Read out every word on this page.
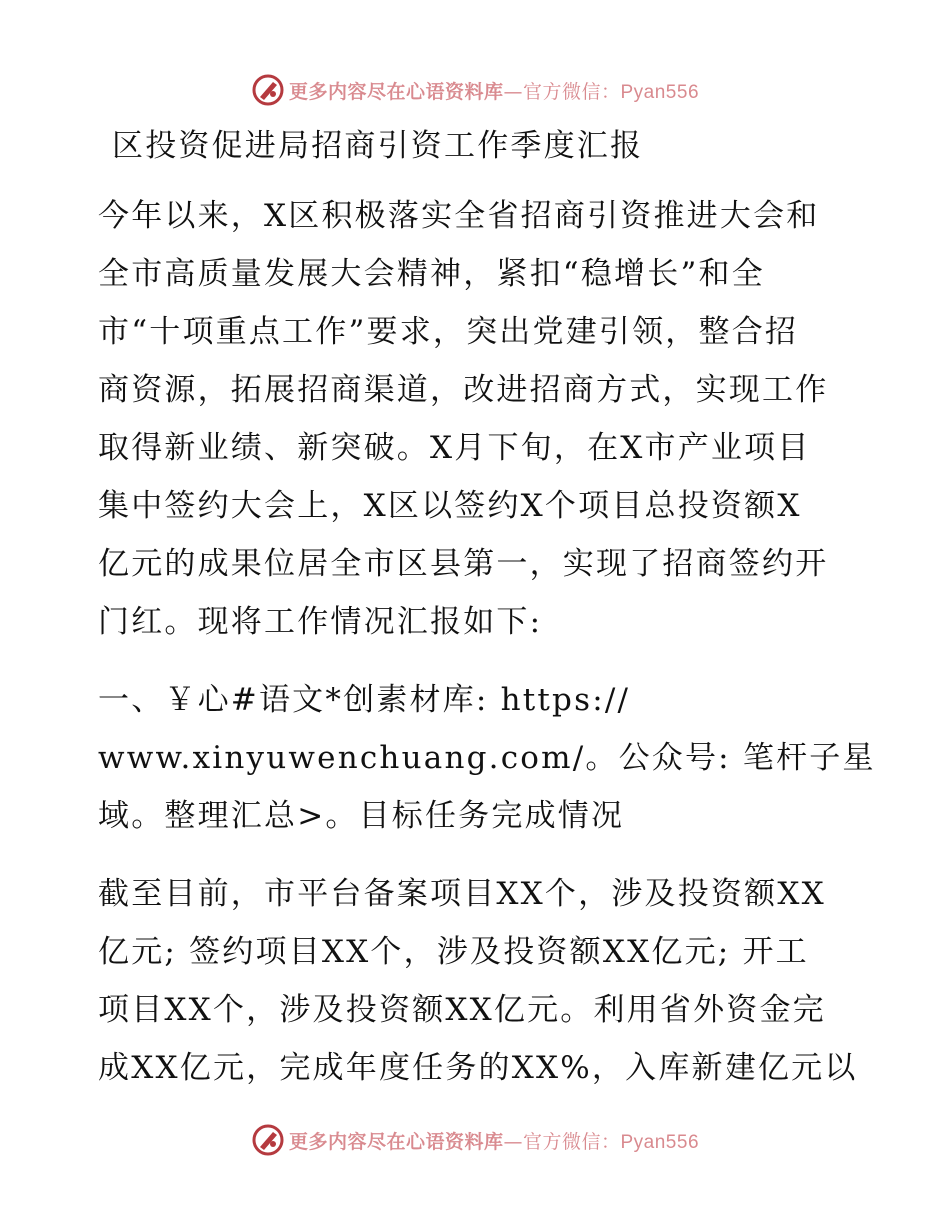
更多内容尽在心语资料库—官方微信：Pyan556
区投资促进局招商引资工作季度汇报
今年以来，X区积极落实全省招商引资推进大会和
全市高质量发展大会精神，紧扣“稳增长”和全
市“十项重点工作”要求，突出党建引领，整合招
商资源，拓展招商渠道，改进招商方式，实现工作
取得新业绩、新突破。X月下旬，在X市产业项目
集中签约大会上，X区以签约X个项目总投资额X
亿元的成果位居全市区县第一，实现了招商签约开
门红。现将工作情况汇报如下:
一、￥心#语文*创素材库: https://
www.xinyuwenchuang.com/。公众号: 笔杆子星
域。整理汇总>。目标任务完成情况
截至目前，市平台备案项目XX个，涉及投资额XX
亿元; 签约项目XX个，涉及投资额XX亿元; 开工
项目XX个，涉及投资额XX亿元。利用省外资金完
成XX亿元，完成年度任务的XX%，入库新建亿元以
更多内容尽在心语资料库—官方微信：Pyan556
